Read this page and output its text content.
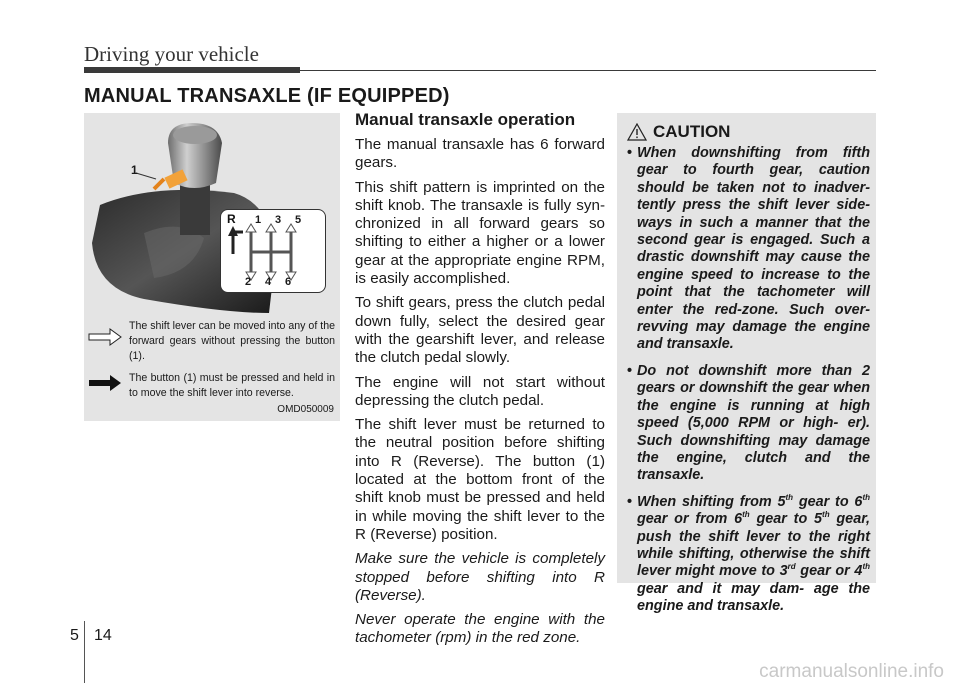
Driving your vehicle
MANUAL TRANSAXLE (IF EQUIPPED)
1
R 1 3 5
2 4 6
The shift lever can be moved into any of the forward gears without pressing the button (1).
The button (1) must be pressed and held in to move the shift lever into reverse.
OMD050009
Manual transaxle operation

The manual transaxle has 6 forward gears.

This shift pattern is imprinted on the shift knob. The transaxle is fully syn- chronized in all forward gears so shifting to either a higher or a lower gear at the appropriate engine RPM, is easily accomplished.

To shift gears, press the clutch pedal down fully, select the desired gear with the gearshift lever, and release the clutch pedal slowly.

The engine will not start without depressing the clutch pedal.

The shift lever must be returned to the neutral position before shifting into R (Reverse). The button (1) located at the bottom front of the shift knob must be pressed and held in while moving the shift lever to the R (Reverse) position.

Make sure the vehicle is completely stopped before shifting into R (Reverse).

Never operate the engine with the tachometer (rpm) in the red zone.

CAUTION
• When downshifting from fifth gear to fourth gear, caution should be taken not to inadver- tently press the shift lever side- ways in such a manner that the second gear is engaged. Such a drastic downshift may cause the engine speed to increase to the point that the tachometer will enter the red-zone. Such over-revving may damage the engine and transaxle.
• Do not downshift more than 2 gears or downshift the gear when the engine is running at high speed (5,000 RPM or high- er). Such downshifting may damage the engine, clutch and the transaxle.
• When shifting from 5th gear to 6th gear or from 6th gear to 5th gear, push the shift lever to the right while shifting, otherwise the shift lever might move to 3rd gear or 4th gear and it may dam- age the engine and transaxle.
5 14
carmanualsonline.info
